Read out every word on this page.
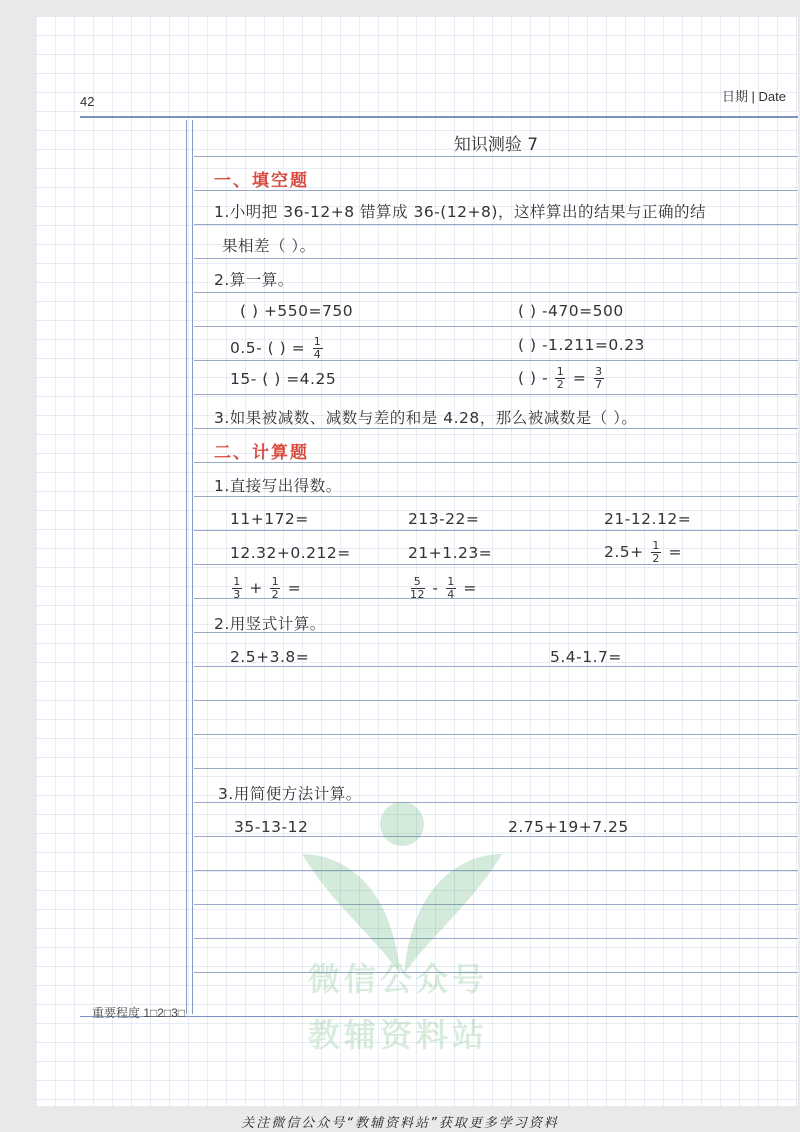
42	日期 | Date
微信公众号
教辅资料站
知识测验 7
一、填空题
1.小明把 36-12+8 错算成 36-(12+8)，这样算出的结果与正确的结
果相差（ ）。
2.算一算。
( ) +550=750	( ) -470=500
0.5- ( ) = $\frac{1}{4}$	( ) -1.211=0.23
15- ( ) =4.25	( ) - $\frac{1}{2} = \frac{3}{7}$
3.如果被减数、减数与差的和是 4.28，那么被减数是（ ）。
二、计算题
1.直接写出得数。
11+172=	213-22=	21-12.12=
12.32+0.212=	21+1.23=	$2.5+ \frac{1}{2}$ =
$\frac{1}{3} + \frac{1}{2}$ =	$\frac{5}{12} - \frac{1}{4}$ =
2.用竖式计算。
2.5+3.8=	5.4-1.7=
3.用简便方法计算。
35-13-12	2.75+19+7.25
重要程度 1□2□3□
关注微信公众号“教辅资料站”获取更多学习资料
